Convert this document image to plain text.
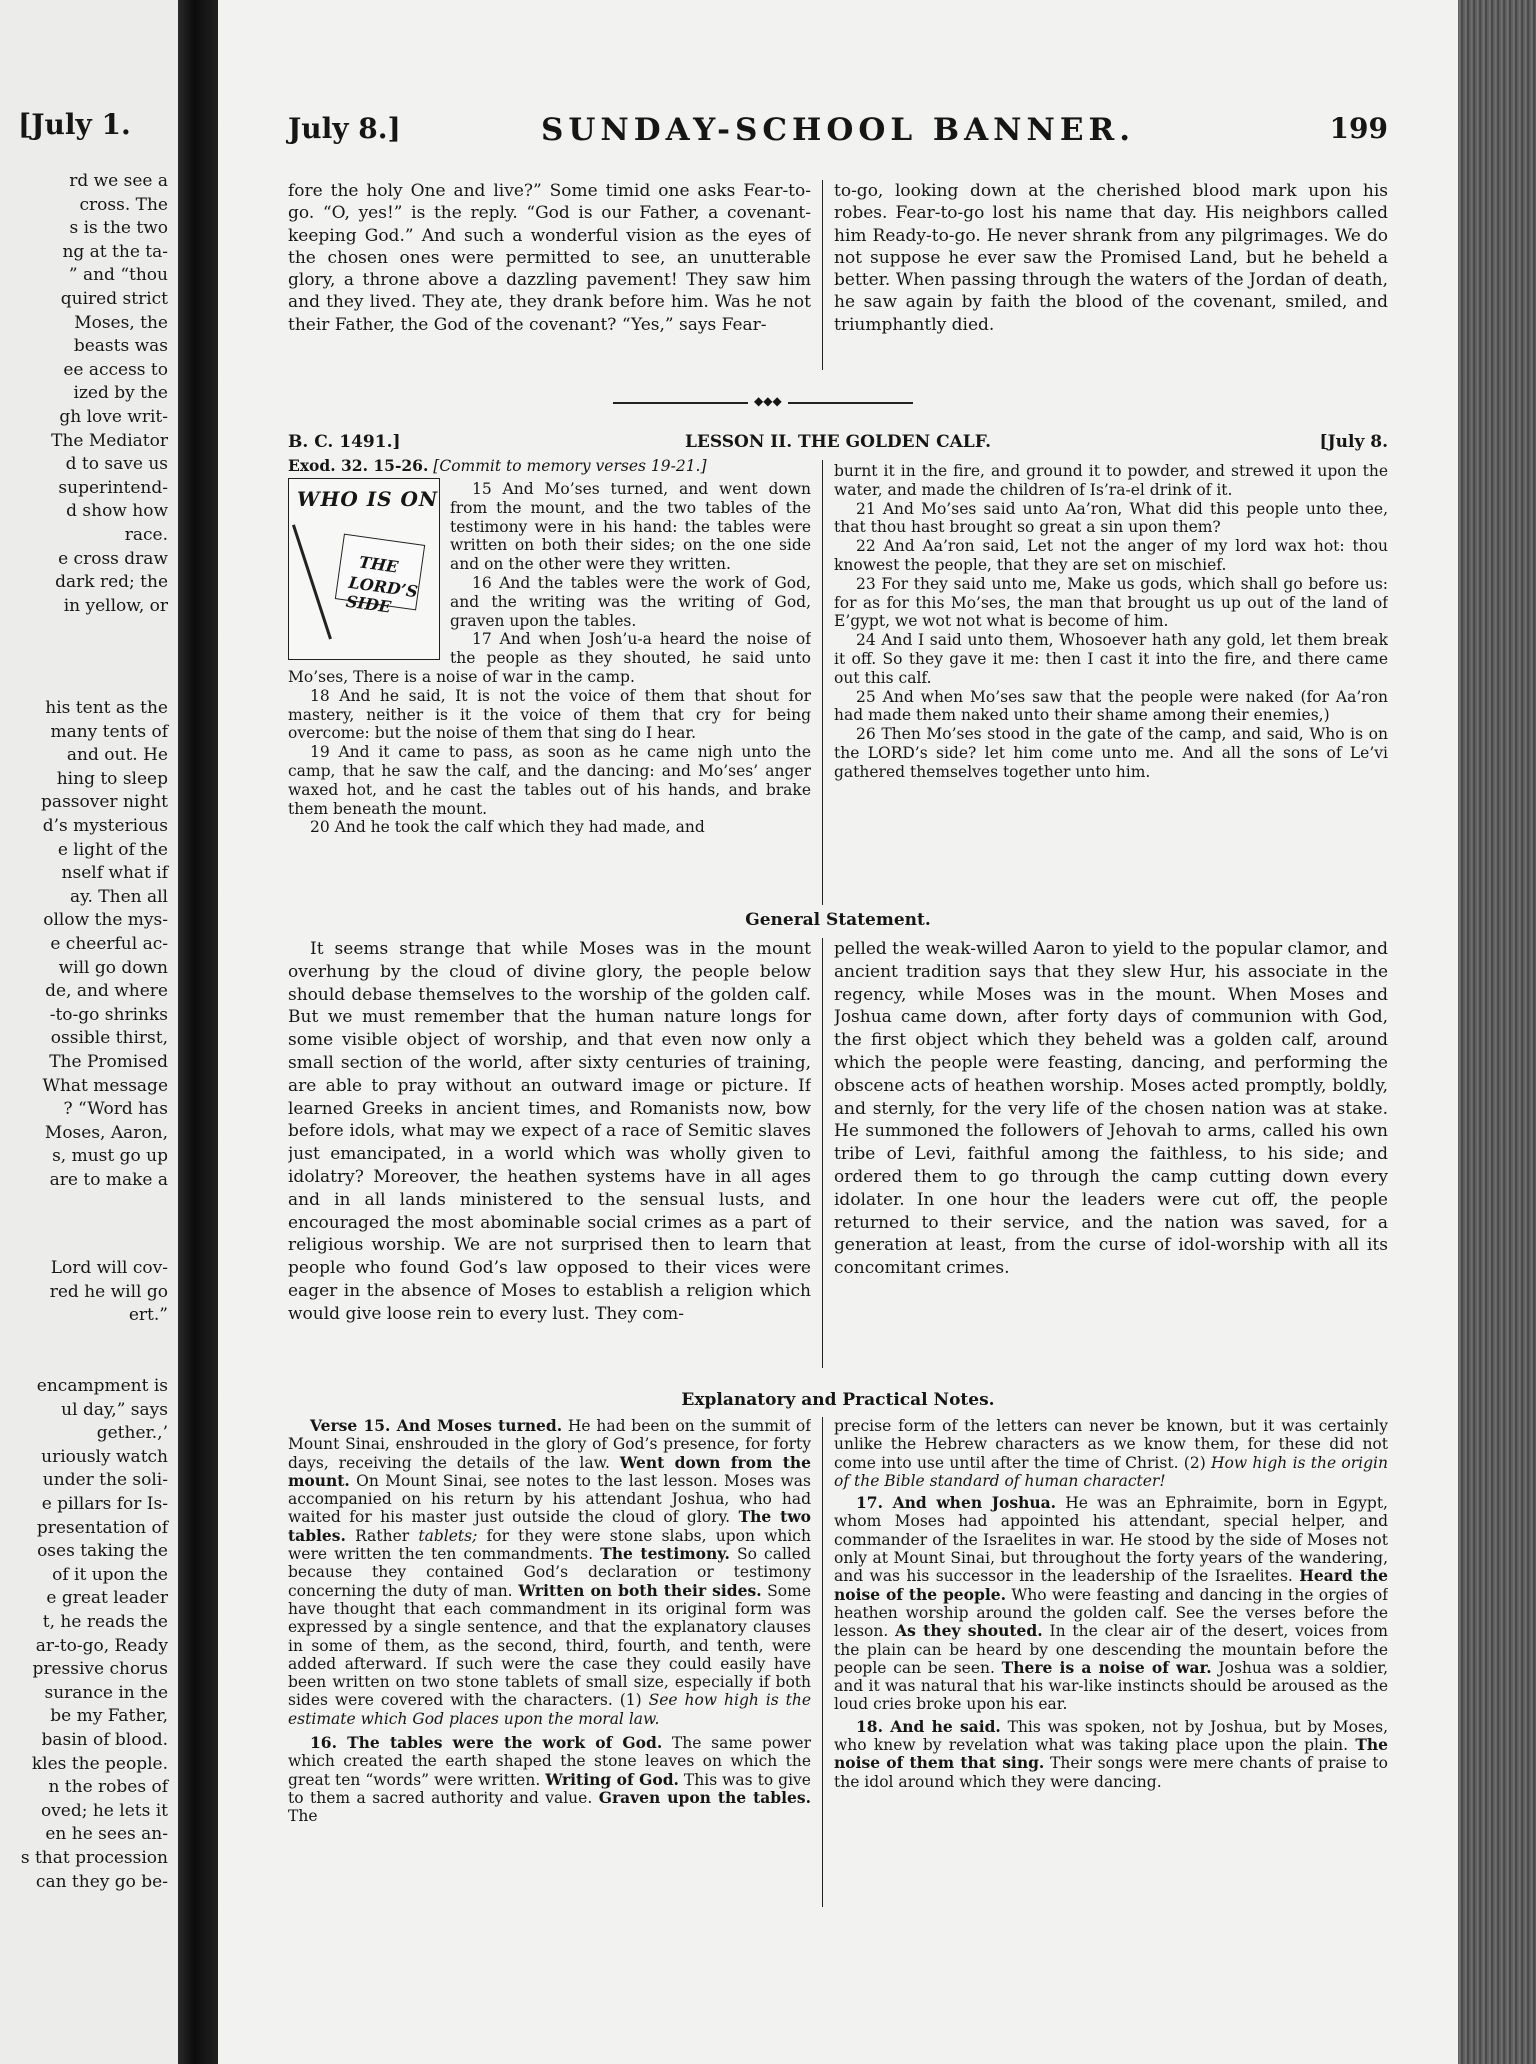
[July 1.
rd we see a
cross. The
s is the two
ng at the ta-
” and “thou
quired strict
Moses, the
beasts was
ee access to
ized by the
gh love writ-
The Mediator
d to save us
superintend-
d show how
race.
e cross draw
dark red; the
in yellow, or
his tent as the
many tents of
and out. He
hing to sleep
passover night
d’s mysterious
e light of the
nself what if
ay. Then all
ollow the mys-
e cheerful ac-
will go down
de, and where
-to-go shrinks
ossible thirst,
The Promised
What message
? “Word has
Moses, Aaron,
s, must go up
are to make a
Lord will cov-
red he will go
ert.”
encampment is
ul day,” says
gether.,’
uriously watch
under the soli-
e pillars for Is-
presentation of
oses taking the
of it upon the
e great leader
t, he reads the
ar-to-go, Ready
pressive chorus
surance in the
be my Father,
basin of blood.
kles the people.
n the robes of
oved; he lets it
en he sees an-
s that procession
can they go be-
July 8.]	SUNDAY-SCHOOL BANNER.	199

fore the holy One and live?” Some timid one asks Fear-to-go. “O, yes!” is the reply. “God is our Father, a covenant-keeping God.” And such a wonderful vision as the eyes of the chosen ones were permitted to see, an unutterable glory, a throne above a dazzling pavement! They saw him and they lived. They ate, they drank before him. Was he not their Father, the God of the covenant? “Yes,” says Fear-

to-go, looking down at the cherished blood mark upon his robes. Fear-to-go lost his name that day. His neighbors called him Ready-to-go. He never shrank from any pilgrimages. We do not suppose he ever saw the Promised Land, but he beheld a better. When passing through the waters of the Jordan of death, he saw again by faith the blood of the covenant, smiled, and triumphantly died.

◆◆◆
B. C. 1491.]	LESSON II. THE GOLDEN CALF.	[July 8.
Exod. 32. 15-26. [Commit to memory verses 19-21.]
WHO IS ON
THE
LORD’S SIDE

15 And Mo’ses turned, and went down from the mount, and the two tables of the testimony were in his hand: the tables were written on both their sides; on the one side and on the other were they written.

16 And the tables were the work of God, and the writing was the writing of God, graven upon the tables.

17 And when Josh’u-a heard the noise of the people as they shouted, he said unto Mo’ses, There is a noise of war in the camp.

18 And he said, It is not the voice of them that shout for mastery, neither is it the voice of them that cry for being overcome: but the noise of them that sing do I hear.

19 And it came to pass, as soon as he came nigh unto the camp, that he saw the calf, and the dancing: and Mo’ses’ anger waxed hot, and he cast the tables out of his hands, and brake them beneath the mount.

20 And he took the calf which they had made, and

burnt it in the fire, and ground it to powder, and strewed it upon the water, and made the children of Is’ra-el drink of it.

21 And Mo’ses said unto Aa’ron, What did this people unto thee, that thou hast brought so great a sin upon them?

22 And Aa’ron said, Let not the anger of my lord wax hot: thou knowest the people, that they are set on mischief.

23 For they said unto me, Make us gods, which shall go before us: for as for this Mo’ses, the man that brought us up out of the land of E’gypt, we wot not what is become of him.

24 And I said unto them, Whosoever hath any gold, let them break it off. So they gave it me: then I cast it into the fire, and there came out this calf.

25 And when Mo’ses saw that the people were naked (for Aa’ron had made them naked unto their shame among their enemies,)

26 Then Mo’ses stood in the gate of the camp, and said, Who is on the LORD’s side? let him come unto me. And all the sons of Le’vi gathered themselves together unto him.

General Statement.

It seems strange that while Moses was in the mount overhung by the cloud of divine glory, the people below should debase themselves to the worship of the golden calf. But we must remember that the human nature longs for some visible object of worship, and that even now only a small section of the world, after sixty centuries of training, are able to pray without an outward image or picture. If learned Greeks in ancient times, and Romanists now, bow before idols, what may we expect of a race of Semitic slaves just emancipated, in a world which was wholly given to idolatry? Moreover, the heathen systems have in all ages and in all lands ministered to the sensual lusts, and encouraged the most abominable social crimes as a part of religious worship. We are not surprised then to learn that people who found God’s law opposed to their vices were eager in the absence of Moses to establish a religion which would give loose rein to every lust. They com-

pelled the weak-willed Aaron to yield to the popular clamor, and ancient tradition says that they slew Hur, his associate in the regency, while Moses was in the mount. When Moses and Joshua came down, after forty days of communion with God, the first object which they beheld was a golden calf, around which the people were feasting, dancing, and performing the obscene acts of heathen worship. Moses acted promptly, boldly, and sternly, for the very life of the chosen nation was at stake. He summoned the followers of Jehovah to arms, called his own tribe of Levi, faithful among the faithless, to his side; and ordered them to go through the camp cutting down every idolater. In one hour the leaders were cut off, the people returned to their service, and the nation was saved, for a generation at least, from the curse of idol-worship with all its concomitant crimes.

Explanatory and Practical Notes.

Verse 15. And Moses turned. He had been on the summit of Mount Sinai, enshrouded in the glory of God’s presence, for forty days, receiving the details of the law. Went down from the mount. On Mount Sinai, see notes to the last lesson. Moses was accompanied on his return by his attendant Joshua, who had waited for his master just outside the cloud of glory. The two tables. Rather tablets; for they were stone slabs, upon which were written the ten commandments. The testimony. So called because they contained God’s declaration or testimony concerning the duty of man. Written on both their sides. Some have thought that each commandment in its original form was expressed by a single sentence, and that the explanatory clauses in some of them, as the second, third, fourth, and tenth, were added afterward. If such were the case they could easily have been written on two stone tablets of small size, especially if both sides were covered with the characters. (1) See how high is the estimate which God places upon the moral law.

16. The tables were the work of God. The same power which created the earth shaped the stone leaves on which the great ten “words” were written. Writing of God. This was to give to them a sacred authority and value. Graven upon the tables. The

precise form of the letters can never be known, but it was certainly unlike the Hebrew characters as we know them, for these did not come into use until after the time of Christ. (2) How high is the origin of the Bible standard of human character!

17. And when Joshua. He was an Ephraimite, born in Egypt, whom Moses had appointed his attendant, special helper, and commander of the Israelites in war. He stood by the side of Moses not only at Mount Sinai, but throughout the forty years of the wandering, and was his successor in the leadership of the Israelites. Heard the noise of the people. Who were feasting and dancing in the orgies of heathen worship around the golden calf. See the verses before the lesson. As they shouted. In the clear air of the desert, voices from the plain can be heard by one descending the mountain before the people can be seen. There is a noise of war. Joshua was a soldier, and it was natural that his war-like instincts should be aroused as the loud cries broke upon his ear.

18. And he said. This was spoken, not by Joshua, but by Moses, who knew by revelation what was taking place upon the plain. The noise of them that sing. Their songs were mere chants of praise to the idol around which they were dancing.
